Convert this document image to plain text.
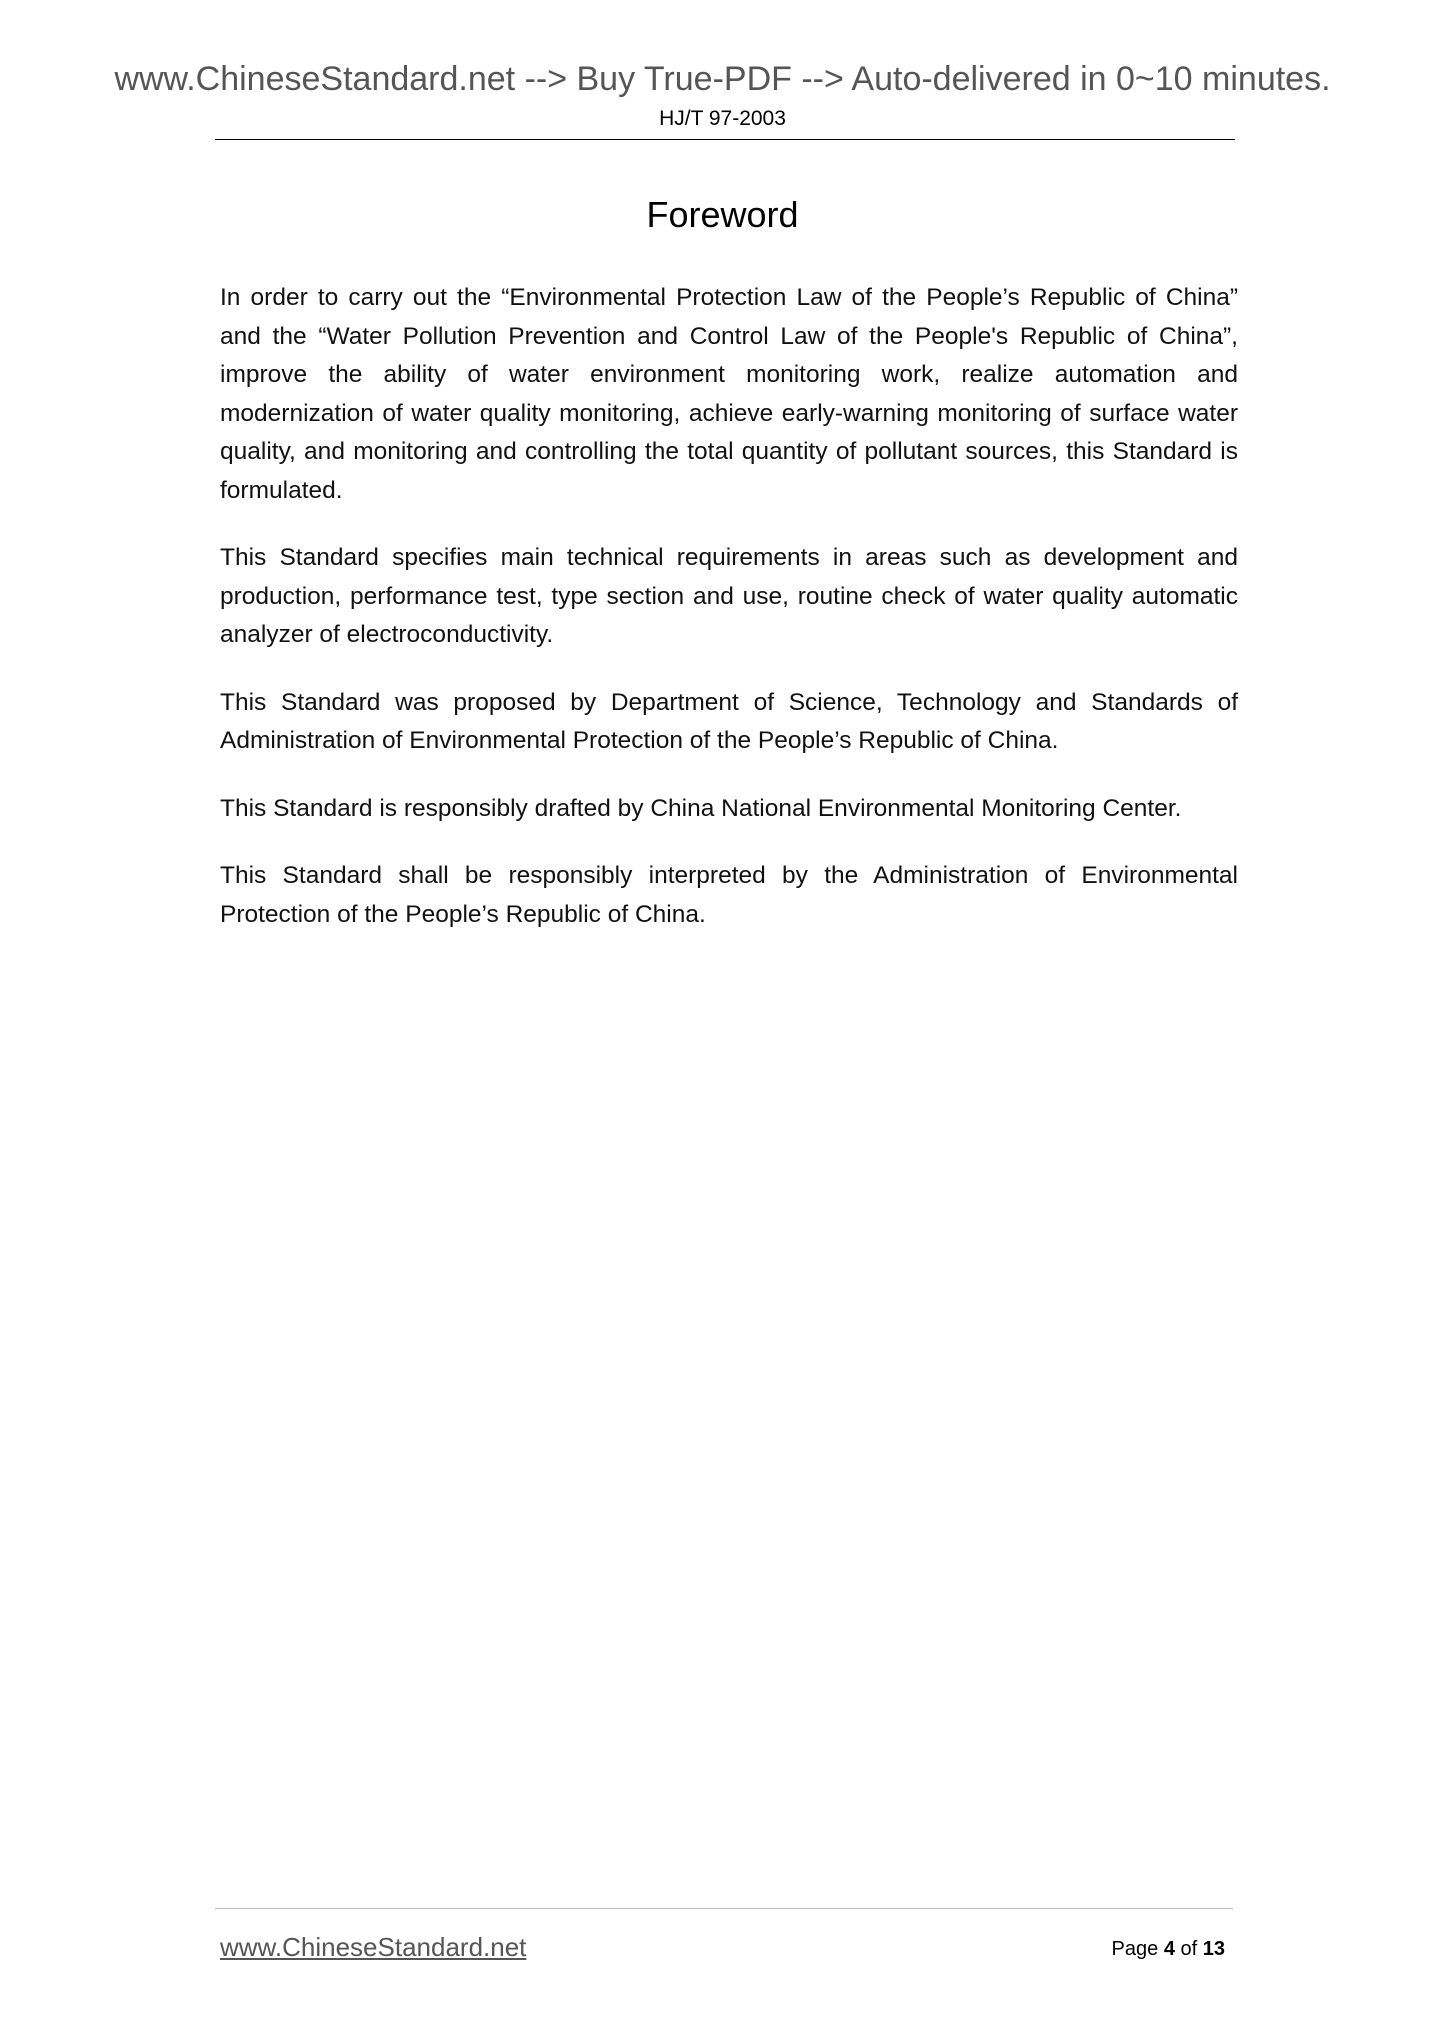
www.ChineseStandard.net --> Buy True-PDF --> Auto-delivered in 0~10 minutes.
HJ/T 97-2003
Foreword

In order to carry out the “Environmental Protection Law of the People’s Republic of China” and the “Water Pollution Prevention and Control Law of the People's Republic of China”, improve the ability of water environment monitoring work, realize automation and modernization of water quality monitoring, achieve early-warning monitoring of surface water quality, and monitoring and controlling the total quantity of pollutant sources, this Standard is formulated.

This Standard specifies main technical requirements in areas such as development and production, performance test, type section and use, routine check of water quality automatic analyzer of electroconductivity.

This Standard was proposed by Department of Science, Technology and Standards of Administration of Environmental Protection of the People’s Republic of China.

This Standard is responsibly drafted by China National Environmental Monitoring Center.

This Standard shall be responsibly interpreted by the Administration of Environmental Protection of the People’s Republic of China.

www.ChineseStandard.net	Page 4 of 13
